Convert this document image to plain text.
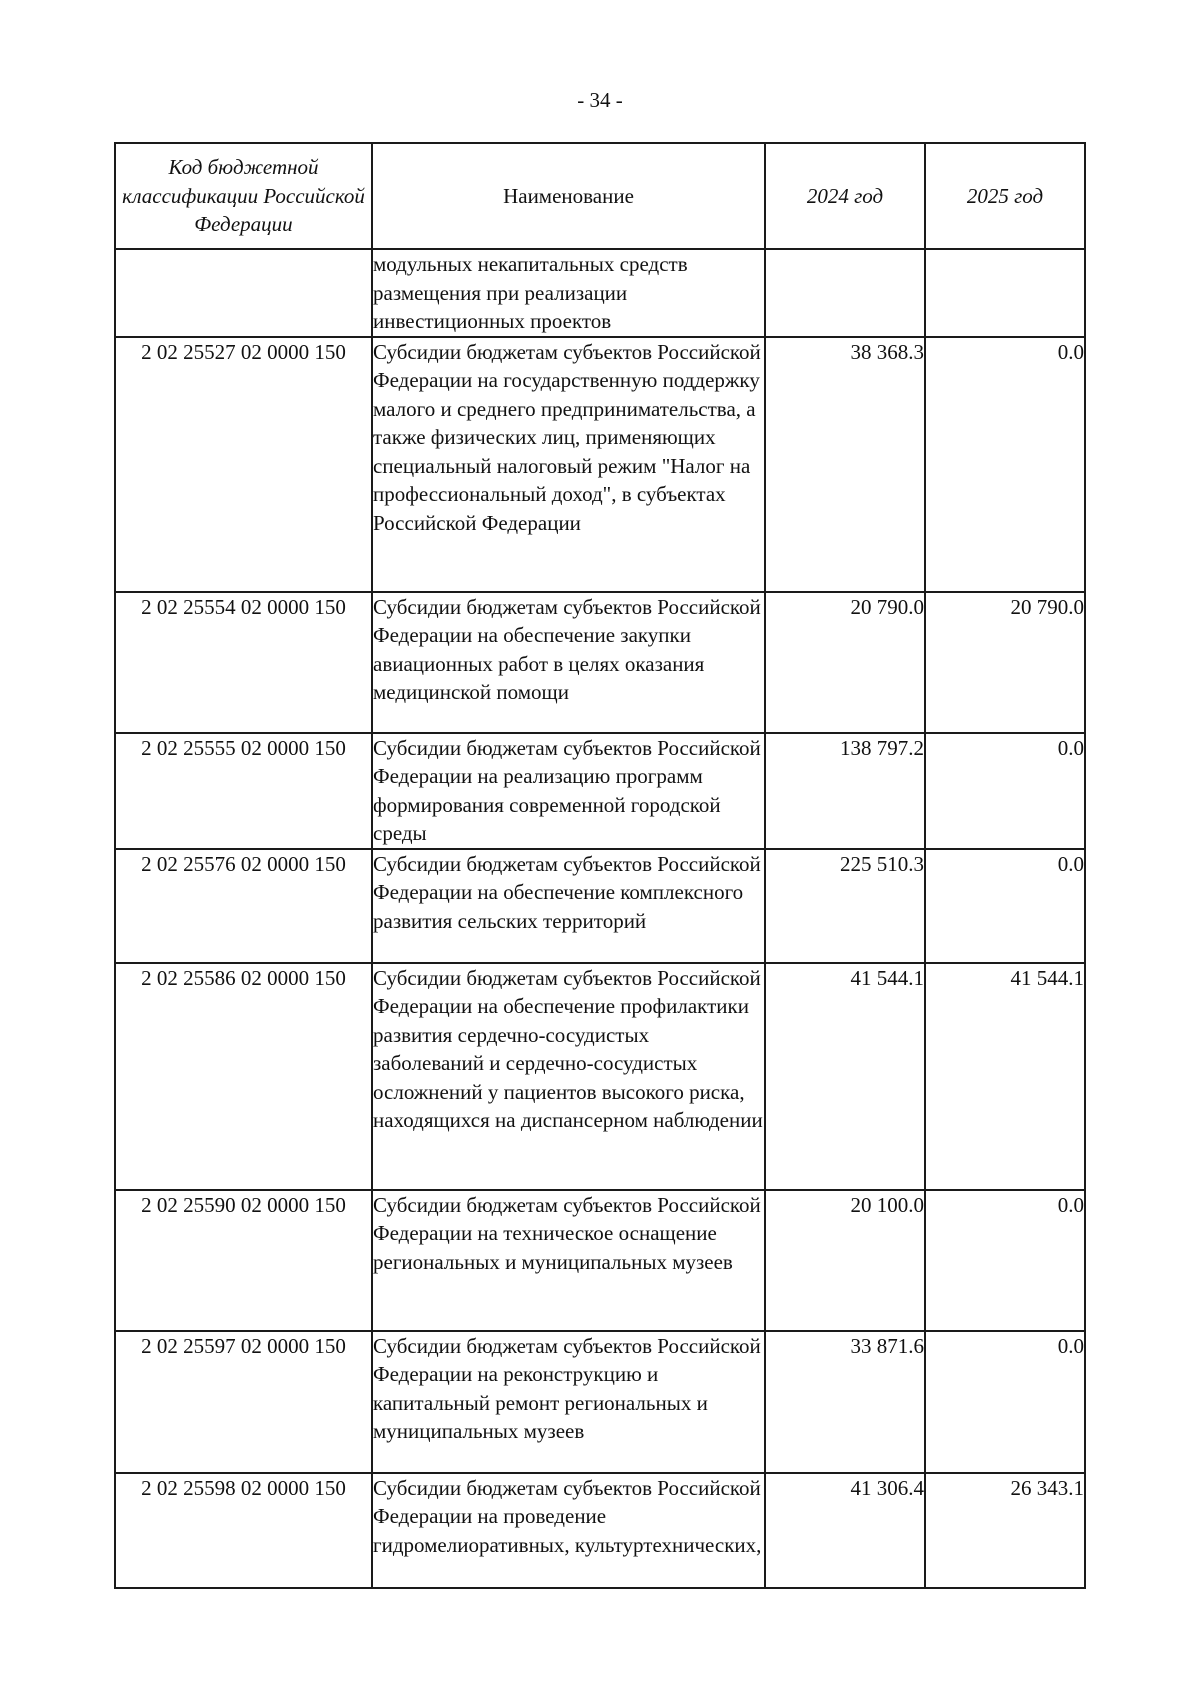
- 34 -
Код бюджетной классификации Российской Федерации	Наименование	2024 год	2025 год
	модульных некапитальных средств размещения при реализации инвестиционных проектов		
2 02 25527 02 0000 150	Субсидии бюджетам субъектов Российской Федерации на государственную поддержку малого и среднего предпринимательства, а также физических лиц, применяющих специальный налоговый режим "Налог на профессиональный доход", в субъектах Российской Федерации	38 368.3	0.0
2 02 25554 02 0000 150	Субсидии бюджетам субъектов Российской Федерации на обеспечение закупки авиационных работ в целях оказания медицинской помощи	20 790.0	20 790.0
2 02 25555 02 0000 150	Субсидии бюджетам субъектов Российской Федерации на реализацию программ формирования современной городской среды	138 797.2	0.0
2 02 25576 02 0000 150	Субсидии бюджетам субъектов Российской Федерации на обеспечение комплексного развития сельских территорий	225 510.3	0.0
2 02 25586 02 0000 150	Субсидии бюджетам субъектов Российской Федерации на обеспечение профилактики развития сердечно-сосудистых заболеваний и сердечно-сосудистых осложнений у пациентов высокого риска, находящихся на диспансерном наблюдении	41 544.1	41 544.1
2 02 25590 02 0000 150	Субсидии бюджетам субъектов Российской Федерации на техническое оснащение региональных и муниципальных музеев	20 100.0	0.0
2 02 25597 02 0000 150	Субсидии бюджетам субъектов Российской Федерации на реконструкцию и капитальный ремонт региональных и муниципальных музеев	33 871.6	0.0
2 02 25598 02 0000 150	Субсидии бюджетам субъектов Российской Федерации на проведение гидромелиоративных, культуртехнических,	41 306.4	26 343.1
